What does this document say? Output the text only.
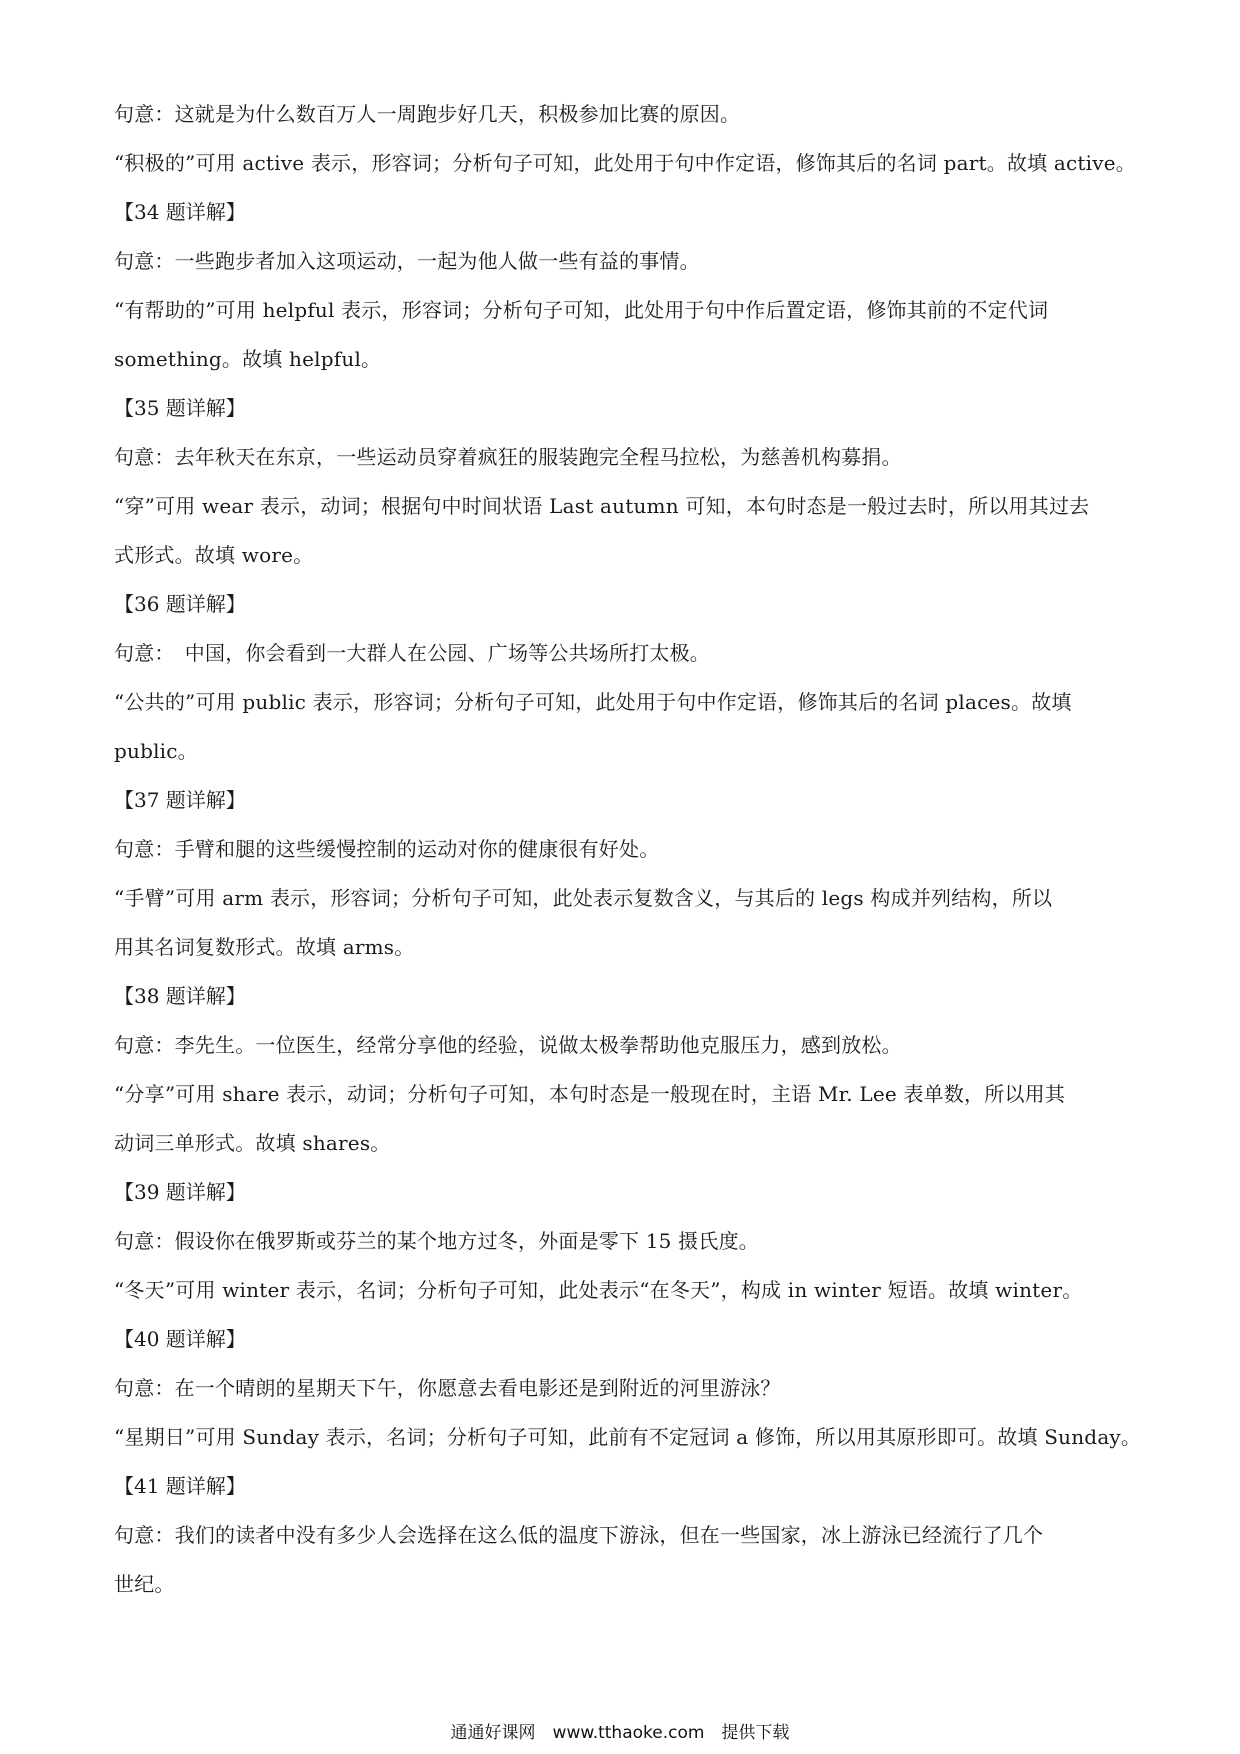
句意：这就是为什么数百万人一周跑步好几天，积极参加比赛的原因。
“积极的”可用 active 表示，形容词；分析句子可知，此处用于句中作定语，修饰其后的名词 part。故填 active。
【34 题详解】
句意：一些跑步者加入这项运动，一起为他人做一些有益的事情。
“有帮助的”可用 helpful 表示，形容词；分析句子可知，此处用于句中作后置定语，修饰其前的不定代词
something。故填 helpful。
【35 题详解】
句意：去年秋天在东京，一些运动员穿着疯狂的服装跑完全程马拉松，为慈善机构募捐。
“穿”可用 wear 表示，动词；根据句中时间状语 Last autumn 可知，本句时态是一般过去时，所以用其过去
式形式。故填 wore。
【36 题详解】
句意：　中国，你会看到一大群人在公园、广场等公共场所打太极。
“公共的”可用 public 表示，形容词；分析句子可知，此处用于句中作定语，修饰其后的名词 places。故填
public。
【37 题详解】
句意：手臂和腿的这些缓慢控制的运动对你的健康很有好处。
“手臂”可用 arm 表示，形容词；分析句子可知，此处表示复数含义，与其后的 legs 构成并列结构，所以
用其名词复数形式。故填 arms。
【38 题详解】
句意：李先生。一位医生，经常分享他的经验，说做太极拳帮助他克服压力，感到放松。
“分享”可用 share 表示，动词；分析句子可知，本句时态是一般现在时，主语 Mr. Lee 表单数，所以用其
动词三单形式。故填 shares。
【39 题详解】
句意：假设你在俄罗斯或芬兰的某个地方过冬，外面是零下 15 摄氏度。
“冬天”可用 winter 表示，名词；分析句子可知，此处表示“在冬天”，构成 in winter 短语。故填 winter。
【40 题详解】
句意：在一个晴朗的星期天下午，你愿意去看电影还是到附近的河里游泳？
“星期日”可用 Sunday 表示，名词；分析句子可知，此前有不定冠词 a 修饰，所以用其原形即可。故填 Sunday。
【41 题详解】
句意：我们的读者中没有多少人会选择在这么低的温度下游泳，但在一些国家，冰上游泳已经流行了几个
世纪。
通通好课网　www.tthaoke.com　提供下载
